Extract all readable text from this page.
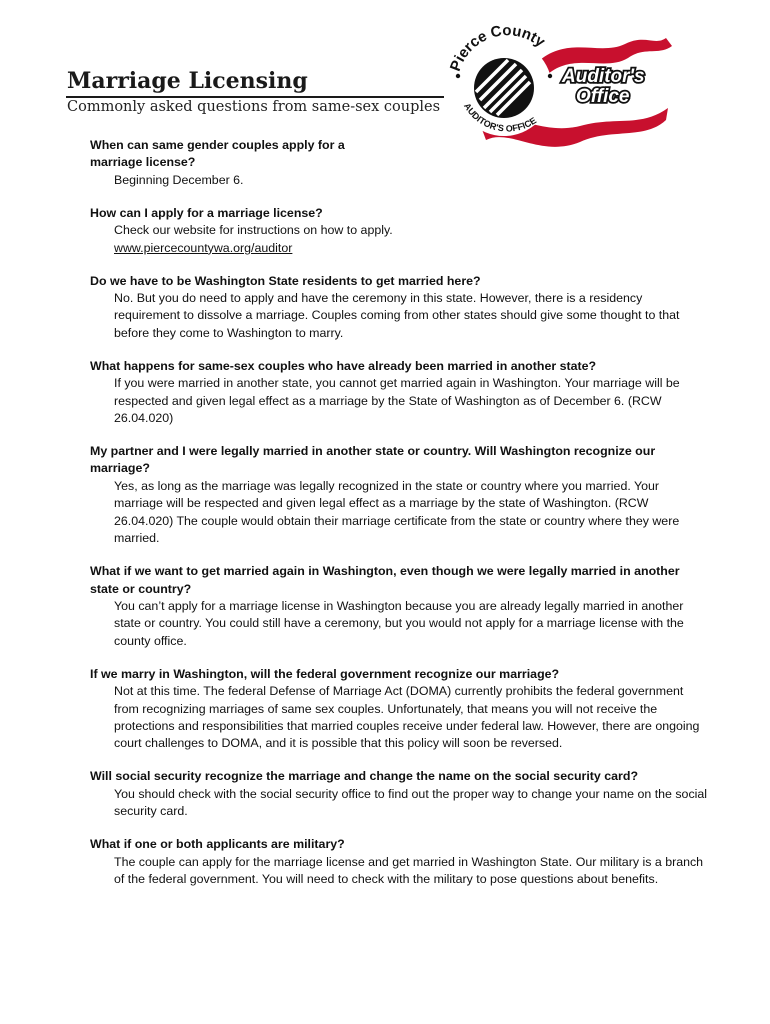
Marriage Licensing

Commonly asked questions from same-sex couples

Pierce County
AUDITOR'S OFFICE
Auditor's
Office

When can same gender couples apply for a marriage license?

Beginning December 6.

How can I apply for a marriage license?

Check our website for instructions on how to apply.

www.piercecountywa.org/auditor

Do we have to be Washington State residents to get married here?

No. But you do need to apply and have the ceremony in this state. However, there is a residency requirement to dissolve a marriage. Couples coming from other states should give some thought to that before they come to Washington to marry.

What happens for same-sex couples who have already been married in another state?

If you were married in another state, you cannot get married again in Washington. Your marriage will be respected and given legal effect as a marriage by the State of Washington as of December 6. (RCW 26.04.020)

My partner and I were legally married in another state or country. Will Washington recognize our marriage?

Yes, as long as the marriage was legally recognized in the state or country where you married. Your marriage will be respected and given legal effect as a marriage by the state of Washington. (RCW 26.04.020) The couple would obtain their marriage certificate from the state or country where they were married.

What if we want to get married again in Washington, even though we were legally married in another state or country?

You can’t apply for a marriage license in Washington because you are already legally married in another state or country. You could still have a ceremony, but you would not apply for a marriage license with the county office.

If we marry in Washington, will the federal government recognize our marriage?

Not at this time. The federal Defense of Marriage Act (DOMA) currently prohibits the federal government from recognizing marriages of same sex couples. Unfortunately, that means you will not receive the protections and responsibilities that married couples receive under federal law. However, there are ongoing court challenges to DOMA, and it is possible that this policy will soon be reversed.

Will social security recognize the marriage and change the name on the social security card?

You should check with the social security office to find out the proper way to change your name on the social security card.

What if one or both applicants are military?

The couple can apply for the marriage license and get married in Washington State. Our military is a branch of the federal government. You will need to check with the military to pose questions about benefits.
